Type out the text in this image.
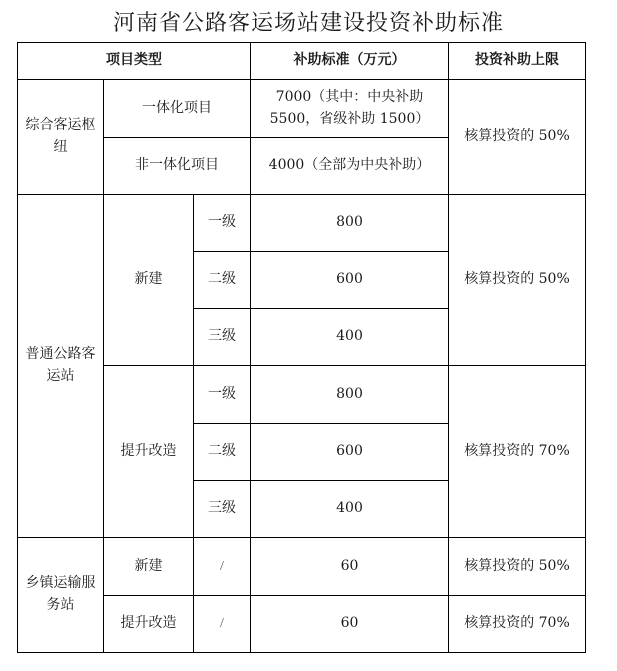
河南省公路客运场站建设投资补助标准
项目类型			补助标准（万元）	投资补助上限
综合客运枢纽	一体化项目		7000（其中：中央补助5500，省级补助 1500）	核算投资的 50%
	非一体化项目		4000（全部为中央补助）	
普通公路客运站	新建	一级	800	核算投资的 50%
		二级	600	
		三级	400	
	提升改造	一级	800	核算投资的 70%
		二级	600	
		三级	400	
乡镇运输服务站	新建	/	60	核算投资的 50%
	提升改造	/	60	核算投资的 70%
